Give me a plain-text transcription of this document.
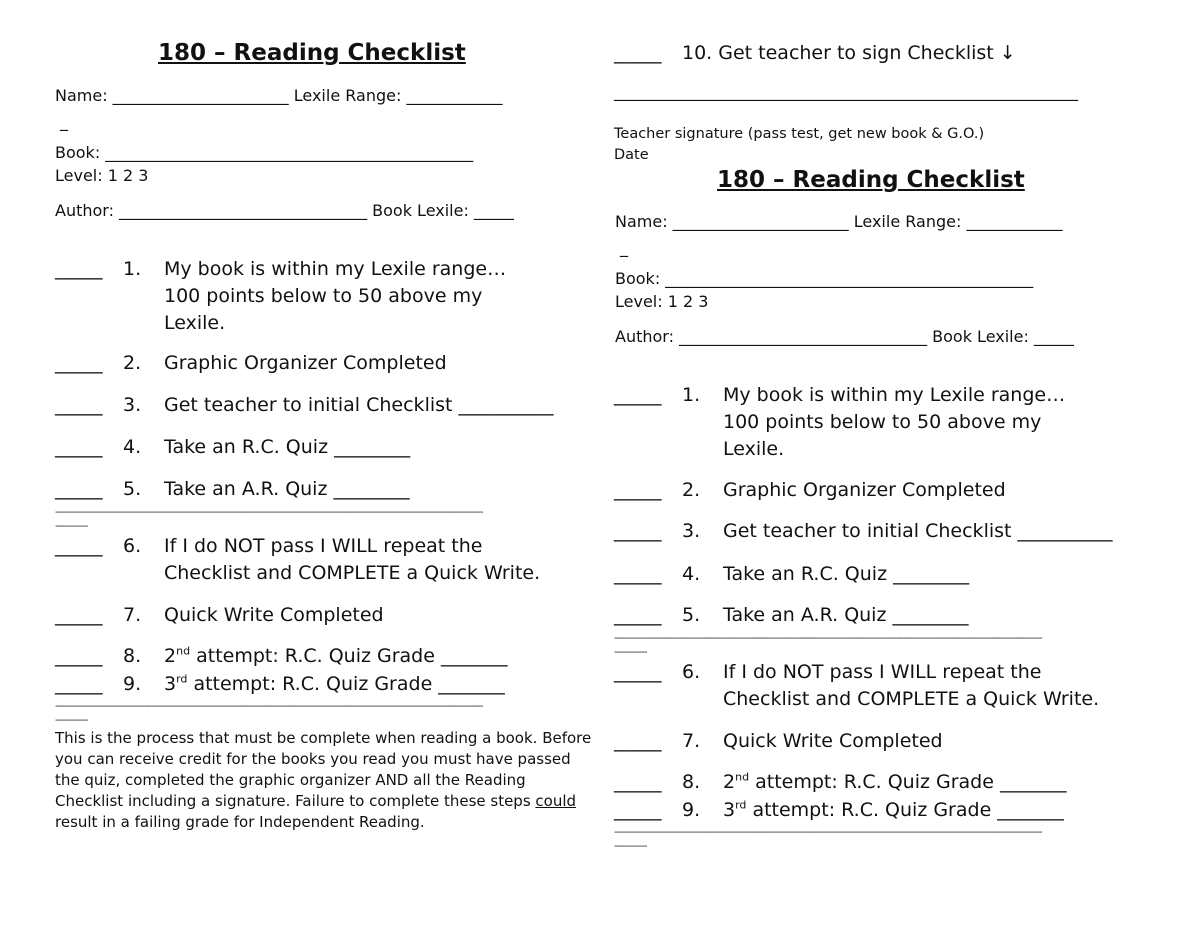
180 – Reading Checklist
Name: ______________________ Lexile Range: ____________
_
Book: ______________________________________________
Level: 1 2 3
Author: _______________________________ Book Lexile: _____
_____ 1. My book is within my Lexile range…
100 points below to 50 above my
Lexile.
_____ 2. Graphic Organizer Completed
_____ 3. Get teacher to initial Checklist __________
_____ 4. Take an R.C. Quiz ________
_____ 5. Take an A.R. Quiz ________
------------------------------------------------------------------------------------------------------------------------------------------------
-----------
_____ 6. If I do NOT pass I WILL repeat the
Checklist and COMPLETE a Quick Write.
_____ 7. Quick Write Completed
_____ 8. 2nd attempt: R.C. Quiz Grade _______
_____ 9. 3rd attempt: R.C. Quiz Grade _______
------------------------------------------------------------------------------------------------------------------------------------------------
-----------
This is the process that must be complete when reading a book. Before you can receive credit for the books you read you must have passed the quiz, completed the graphic organizer AND all the Reading Checklist including a signature. Failure to complete these steps could result in a failing grade for Independent Reading.
_____ 10. Get teacher to sign Checklist ↓
__________________________________________________________
Teacher signature (pass test, get new book & G.O.)
Date
180 – Reading Checklist
Name: ______________________ Lexile Range: ____________
_
Book: ______________________________________________
Level: 1 2 3
Author: _______________________________ Book Lexile: _____
_____ 1. My book is within my Lexile range…
100 points below to 50 above my
Lexile.
_____ 2. Graphic Organizer Completed
_____ 3. Get teacher to initial Checklist __________
_____ 4. Take an R.C. Quiz ________
_____ 5. Take an A.R. Quiz ________
------------------------------------------------------------------------------------------------------------------------------------------------
-----------
_____ 6. If I do NOT pass I WILL repeat the
Checklist and COMPLETE a Quick Write.
_____ 7. Quick Write Completed
_____ 8. 2nd attempt: R.C. Quiz Grade _______
_____ 9. 3rd attempt: R.C. Quiz Grade _______
------------------------------------------------------------------------------------------------------------------------------------------------
-----------
